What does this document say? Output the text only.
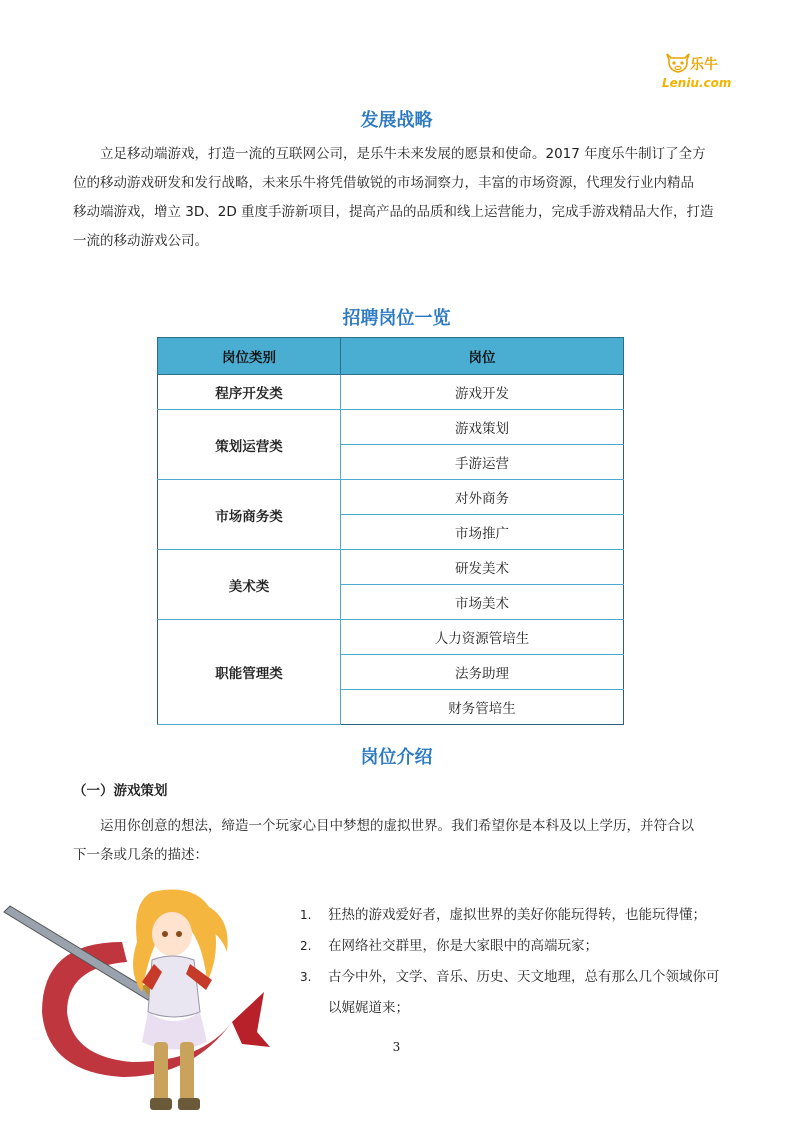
乐牛
Leniu.com
发展战略
立足移动端游戏，打造一流的互联网公司，是乐牛未来发展的愿景和使命。2017 年度乐牛制订了全方
位的移动游戏研发和发行战略，未来乐牛将凭借敏锐的市场洞察力，丰富的市场资源，代理发行业内精品
移动端游戏，增立 3D、2D 重度手游新项目，提高产品的品质和线上运营能力，完成手游戏精品大作，打造
一流的移动游戏公司。
招聘岗位一览
岗位类别	岗位
程序开发类	游戏开发
策划运营类	游戏策划
	手游运营
市场商务类	对外商务
	市场推广
美术类	研发美术
	市场美术
职能管理类	人力资源管培生
	法务助理
	财务管培生
岗位介绍
（一）游戏策划
运用你创意的想法，缔造一个玩家心目中梦想的虚拟世界。我们希望你是本科及以上学历，并符合以
下一条或几条的描述：
1. 狂热的游戏爱好者，虚拟世界的美好你能玩得转，也能玩得懂；
2. 在网络社交群里，你是大家眼中的高端玩家；
3. 古今中外，文学、音乐、历史、天文地理，总有那么几个领域你可以娓娓道来；
3
